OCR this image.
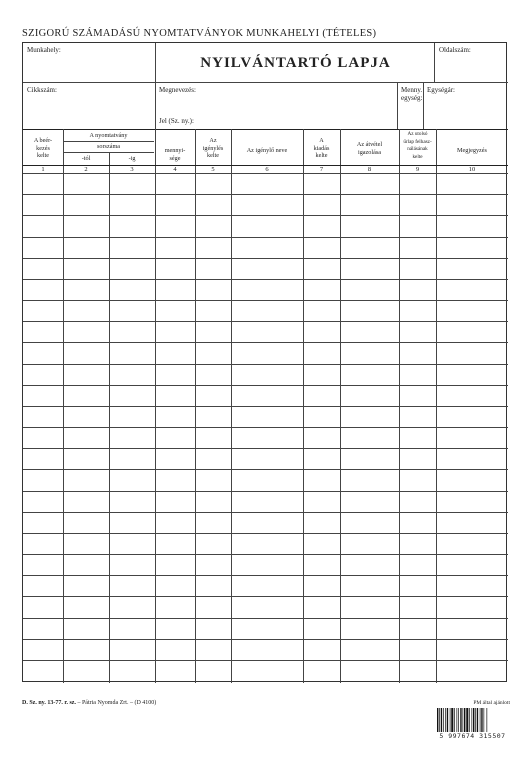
SZIGORÚ SZÁMADÁSÚ NYOMTATVÁNYOK MUNKAHELYI (TÉTELES)
Munkahely:
NYILVÁNTARTÓ LAPJA
Oldalszám:
Cikkszám:	Megnevezés:
Jel (Sz. ny.):
Menny.
egység:
Egységár:
A nyomtatvány
sorszáma
A beér-
kezés
kelte
1
-tól
2
-ig
3
mennyi-
sége
4
Az
igénylés
kelte
5
Az igénylő neve
6
A
kiadás
kelte
7
Az átvétel
igazolása
8
Az utolsó
űrlap felhasz-
nálásának
kelte
9
Megjegyzés
10
D. Sz. ny. 13-77. r. sz. – Pátria Nyomda Zrt. – (D 4100)	PM által ajánlott
5 997674 315507
